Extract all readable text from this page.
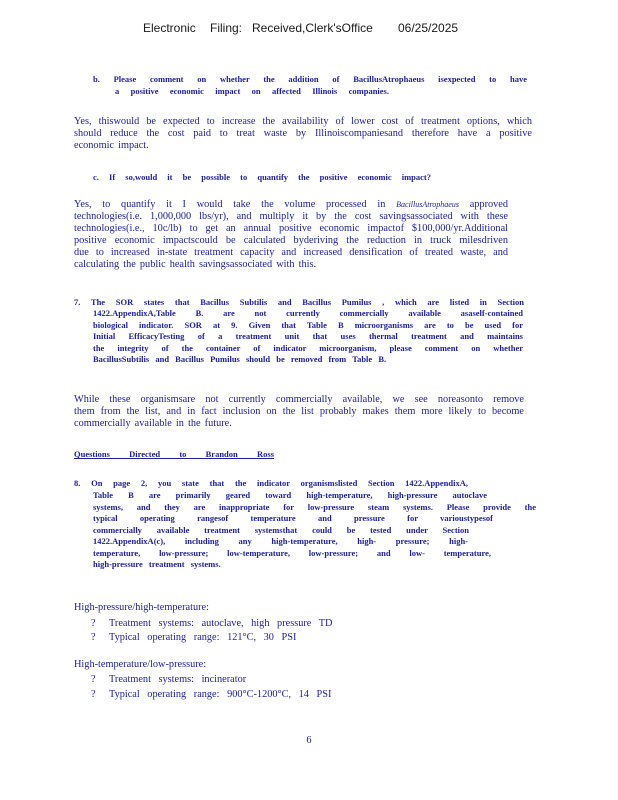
Electronic Filing: Received,Clerk'sOffice 06/25/2025
b. Please comment on whether the addition of BacillusAtrophaeus isexpected to have
a positive economic impact on affected Illinois companies.
Yes, thiswould be expected to increase the availability of lower cost of treatment options, which
should reduce the cost paid to treat waste by Illinoiscompaniesand therefore have a positive
economic impact.
c. If so,would it be possible to quantify the positive economic impact?
Yes, to quantify it I would take the volume processed in BacillusAtrophaeus approved
technologies(i.e. 1,000,000 lbs/yr), and multiply it by the cost savingsassociated with these
technologies(i.e., 10c/lb) to get an annual positive economic impactof $100,000/yr.Additional
positive economic impactscould be calculated byderiving the reduction in truck milesdriven
due to increased in-state treatment capacity and increased densification of treated waste, and
calculating the public health savingsassociated with this.
7. The SOR states that Bacillus Subtilis and Bacillus Pumilus , which are listed in Section
1422.AppendixA,Table B. are not currently commercially available asaself-contained
biological indicator. SOR at 9. Given that Table B microorganisms are to be used for
Initial EfficacyTesting of a treatment unit that uses thermal treatment and maintains
the integrity of the container of indicator microorganism, please comment on whether
BacillusSubtilis and Bacillus Pumilus should be removed from Table B.
While these organismsare not currently commercially available, we see noreasonto remove
them from the list, and in fact inclusion on the list probably makes them more likely to become
commercially available in the future.
Questions Directed to Brandon Ross
8. On page 2, you state that the indicator organismslisted Section 1422.AppendixA,
Table B are primarily geared toward high-temperature, high-pressure autoclave
systems, and they are inappropriate for low-pressure steam systems. Please provide the
typical operating rangesof temperature and pressure for varioustypesof
commercially available treatment systemsthat could be tested under Section
1422.AppendixA(c), including any high-temperature, high- pressure; high-
temperature, low-pressure; low-temperature, low-pressure; and low- temperature,
high-pressure treatment systems.
High-pressure/high-temperature:
? Treatment systems: autoclave, high pressure TD
? Typical operating range: 121°C, 30 PSI
High-temperature/low-pressure:
? Treatment systems: incinerator
? Typical operating range: 900°C-1200°C, 14 PSI
6
